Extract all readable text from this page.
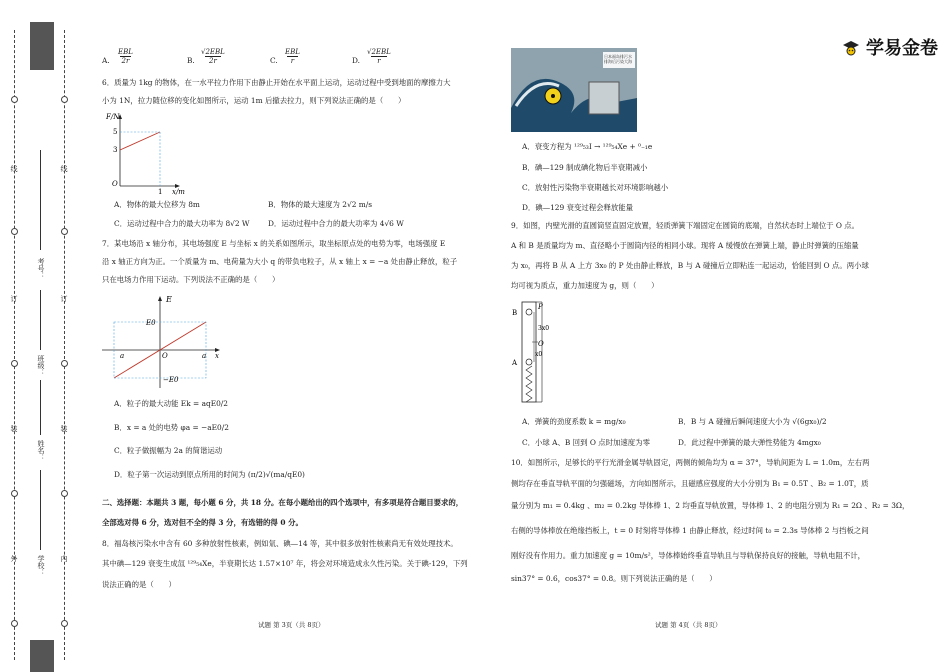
线
订
装
外
线
订
装
内
学校：
姓名：
班级：
考号：
学易金卷
A.
EBL
2r	B.
√2EBL
2r	C.
EBL
r	D.
√2EBL
r
6．质量为 1kg 的物体，在一水平拉力作用下由静止开始在水平面上运动，运动过程中受到地面的摩擦力大
小为 1N，拉力随位移的变化如图所示，运动 1m 后撤去拉力，则下列说法正确的是（　　）
F/N
5
3
O
1 x/m
A．物体的最大位移为 8m	B．物体的最大速度为 2√2 m/s
C．运动过程中合力的最大功率为 8√2 W D．运动过程中合力的最大功率为 4√6 W
7．某电场沿 x 轴分布，其电场强度 E 与坐标 x 的关系如图所示，取坐标原点处的电势为零，电场强度 E
沿 x 轴正方向为正。一个质量为 m、电荷量为大小 q 的带负电粒子，从 x 轴上 x = −a 处由静止释放，粒子
只在电场力作用下运动。下列说法不正确的是（　　）
E
E0
−E0
a	O	a x
A．粒子的最大动能 Ek = aqE0/2
B．x = a 处的电势 φa = −aE0/2
C．粒子做振幅为 2a 的简谐运动
D．粒子第一次运动到原点所用的时间为 (π/2)√(ma/qE0)
二、选择题：本题共 3 题，每小题 6 分，共 18 分。在每小题给出的四个选项中，有多项是符合题目要求的，
全部选对得 6 分，选对但不全的得 3 分，有选错的得 0 分。
8．福岛核污染水中含有 60 多种放射性核素，例如氚、碘—14 等，其中很多放射性核素尚无有效处理技术。
其中碘—129 衰变生成氙 ¹²⁹₅₄Xe，半衰期长达 1.57×10⁷ 年，将会对环境造成永久性污染。关于碘-129，下列
说法正确的是（　　）
试题 第 3页（共 8页）
日本福岛排污水 排海后污染大海
A．衰变方程为 ¹²⁹₅₃I → ¹²⁹₅₄Xe + ⁰₋₁e
B．碘—129 制成碘化物后半衰期减小
C．放射性污染物半衰期越长对环境影响越小
D．碘—129 衰变过程会释放能量
9．如图，内壁光滑的直圆筒竖直固定放置，轻质弹簧下端固定在圆筒的底端，自然状态时上端位于 O 点。
A 和 B 是质量均为 m、直径略小于圆筒内径的相同小球。现将 A 缓慢放在弹簧上端，静止时弹簧的压缩量
为 x₀，再将 B 从 A 上方 3x₀ 的 P 处由静止释放，B 与 A 碰撞后立即粘连一起运动，恰能回到 O 点。两小球
均可视为质点，重力加速度为 g，则（　　）
B
P
3x0
O
x0
A
A．弹簧的劲度系数 k = mg/x₀	B．B 与 A 碰撞后瞬间速度大小为 √(6gx₀)/2
C．小球 A、B 回到 O 点时加速度为零	D．此过程中弹簧的最大弹性势能为 4mgx₀
10．如图所示，足够长的平行光滑金属导轨固定，两侧的倾角均为 α = 37°，导轨间距为 L = 1.0m，左右两
侧均存在垂直导轨平面的匀强磁场，方向如图所示，且磁感应强度的大小分别为 B₁ = 0.5T 、B₂ = 1.0T，质
量分别为 m₁ = 0.4kg 、m₂ = 0.2kg 导体棒 1、2 均垂直导轨放置，导体棒 1、2 的电阻分别为 R₁ = 2Ω 、R₂ = 3Ω，
右侧的导体棒放在绝缘挡板上，t = 0 时刻将导体棒 1 由静止释放，经过时间 t₀ = 2.3s 导体棒 2 与挡板之间
刚好没有作用力。重力加速度 g = 10m/s²，导体棒始终垂直导轨且与导轨保持良好的接触，导轨电阻不计，
sin37° = 0.6，cos37° = 0.8。则下列说法正确的是（　　）
试题 第 4页（共 8页）
